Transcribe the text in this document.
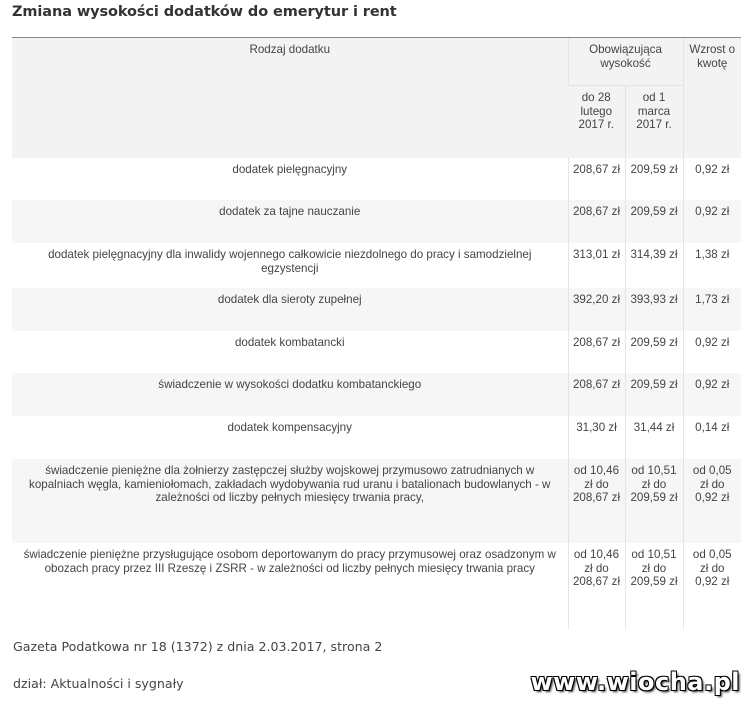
Zmiana wysokości dodatków do emerytur i rent
Rodzaj dodatku	Obowiązująca wysokość		Wzrost o kwotę
	do 28 lutego 2017 r.	od 1 marca 2017 r.	
dodatek pielęgnacyjny	208,67 zł	209,59 zł	0,92 zł
dodatek za tajne nauczanie	208,67 zł	209,59 zł	0,92 zł
dodatek pielęgnacyjny dla inwalidy wojennego całkowicie niezdolnego do pracy i samodzielnej egzystencji	313,01 zł	314,39 zł	1,38 zł
dodatek dla sieroty zupełnej	392,20 zł	393,93 zł	1,73 zł
dodatek kombatancki	208,67 zł	209,59 zł	0,92 zł
świadczenie w wysokości dodatku kombatanckiego	208,67 zł	209,59 zł	0,92 zł
dodatek kompensacyjny	31,30 zł	31,44 zł	0,14 zł
świadczenie pieniężne dla żołnierzy zastępczej służby wojskowej przymusowo zatrudnianych w kopalniach węgla, kamieniołomach, zakładach wydobywania rud uranu i batalionach budowlanych - w zależności od liczby pełnych miesięcy trwania pracy,	od 10,46 zł do 208,67 zł	od 10,51 zł do 209,59 zł	od 0,05 zł do 0,92 zł
świadczenie pieniężne przysługujące osobom deportowanym do pracy przymusowej oraz osadzonym w obozach pracy przez III Rzeszę i ZSRR - w zależności od liczby pełnych miesięcy trwania pracy	od 10,46 zł do 208,67 zł	od 10,51 zł do 209,59 zł	od 0,05 zł do 0,92 zł
Gazeta Podatkowa nr 18 (1372) z dnia 2.03.2017, strona 2
dział: Aktualności i sygnały	www.wiocha.pl
